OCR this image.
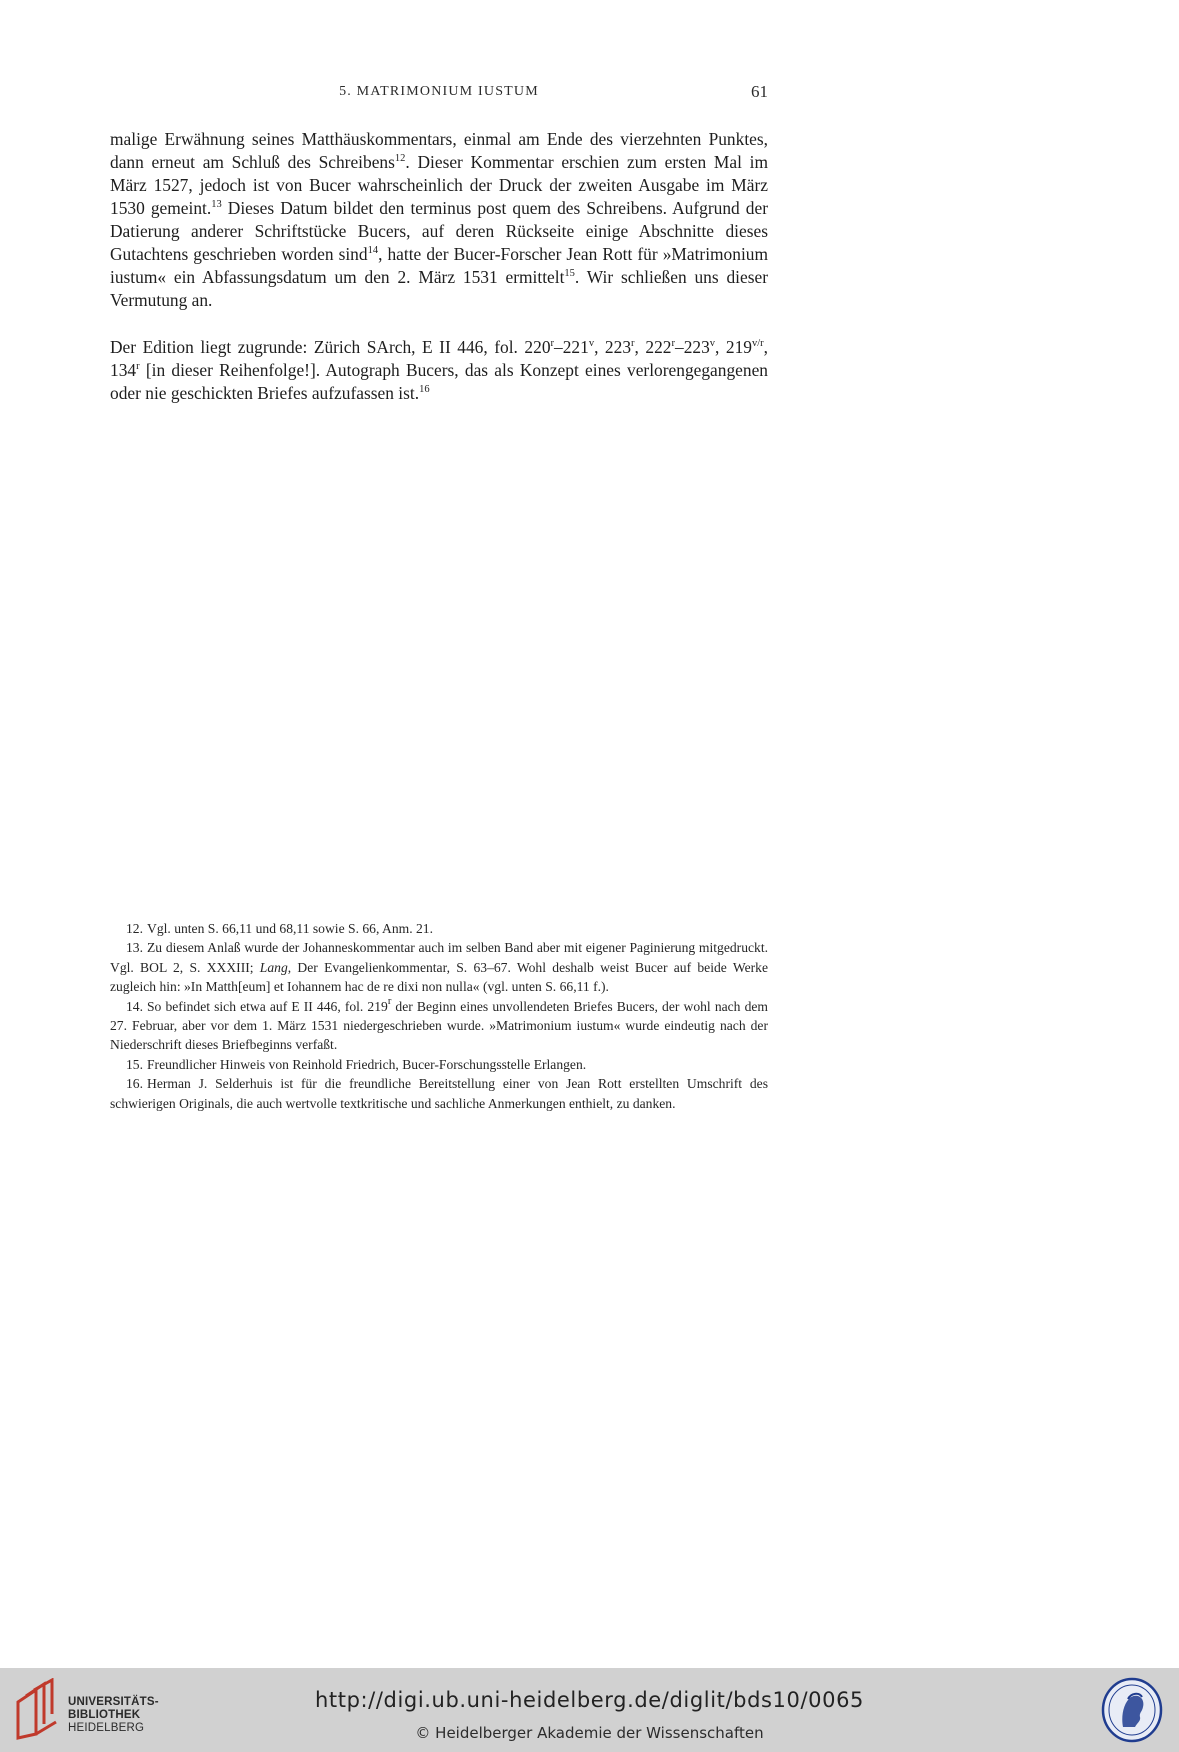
5. MATRIMONIUM IUSTUM	61

malige Erwähnung seines Matthäuskommentars, einmal am Ende des vierzehnten Punktes, dann erneut am Schluß des Schreibens$^{12}$. Dieser Kommentar erschien zum ersten Mal im März 1527, jedoch ist von Bucer wahrscheinlich der Druck der zweiten Ausgabe im März 1530 gemeint.$^{13}$ Dieses Datum bildet den terminus post quem des Schreibens. Aufgrund der Datierung anderer Schriftstücke Bucers, auf deren Rückseite einige Abschnitte dieses Gutachtens geschrieben worden sind$^{14}$, hatte der Bucer-Forscher Jean Rott für »Matrimonium iustum« ein Abfassungsdatum um den 2. März 1531 ermittelt$^{15}$. Wir schließen uns dieser Vermutung an.

Der Edition liegt zugrunde: Zürich SArch, E II 446, fol. 220$^r$–221$^v$, 223$^r$, 222$^r$–223$^v$, $219^{v/r}$, 134$^r$ [in dieser Reihenfolge!]. Autograph Bucers, das als Konzept eines verlorengegangenen oder nie geschickten Briefes aufzufassen ist.$^{16}$

12. Vgl. unten S. 66,11 und 68,11 sowie S. 66, Anm. 21.

13. Zu diesem Anlaß wurde der Johanneskommentar auch im selben Band aber mit eigener Paginierung mitgedruckt. Vgl. BOL 2, S. XXXIII; Lang, Der Evangelienkommentar, S. 63–67. Wohl deshalb weist Bucer auf beide Werke zugleich hin: »In Matth[eum] et Iohannem hac de re dixi non nulla« (vgl. unten S. 66,11 f.).

14. So befindet sich etwa auf E II 446, fol. 219$^r$ der Beginn eines unvollendeten Briefes Bucers, der wohl nach dem 27. Februar, aber vor dem 1. März 1531 niedergeschrieben wurde. »Matrimonium iustum« wurde eindeutig nach der Niederschrift dieses Briefbeginns verfaßt.

15. Freundlicher Hinweis von Reinhold Friedrich, Bucer-Forschungsstelle Erlangen.

16. Herman J. Selderhuis ist für die freundliche Bereitstellung einer von Jean Rott erstellten Umschrift des schwierigen Originals, die auch wertvolle textkritische und sachliche Anmerkungen enthielt, zu danken.

UNIVERSITÄTS-
BIBLIOTHEK
HEIDELBERG
http://digi.ub.uni-heidelberg.de/diglit/bds10/0065
© Heidelberger Akademie der Wissenschaften
